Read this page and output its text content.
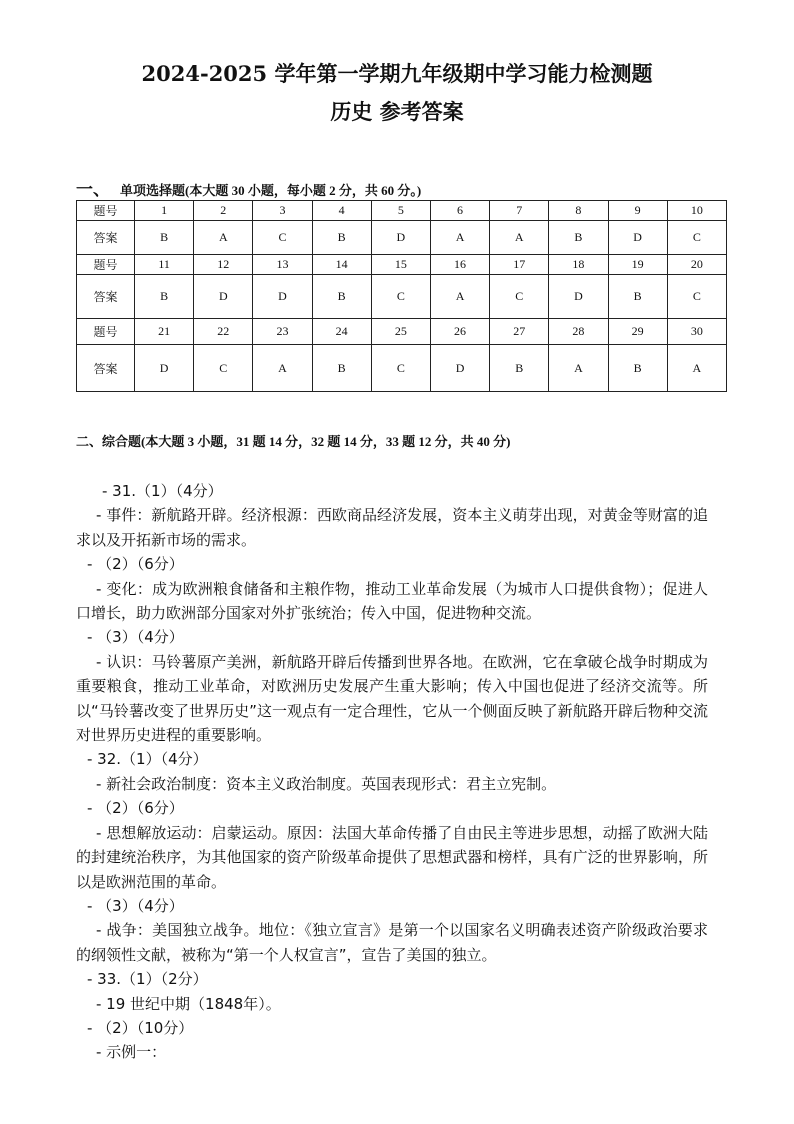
2024-2025 学年第一学期九年级期中学习能力检测题
历史 参考答案
一、 单项选择题(本大题 30 小题，每小题 2 分，共 60 分。)
题号	1	2	3	4	5	6	7	8	9	10
答案	B	A	C	B	D	A	A	B	D	C
题号	11	12	13	14	15	16	17	18	19	20
答案	B	D	D	B	C	A	C	D	B	C
题号	21	22	23	24	25	26	27	28	29	30
答案	D	C	A	B	C	D	B	A	B	A
二、综合题(本大题 3 小题，31 题 14 分，32 题 14 分，33 题 12 分，共 40 分)

- 31.（1）（4分）

- 事件：新航路开辟。经济根源：西欧商品经济发展，资本主义萌芽出现，对黄金等财富的追求以及开拓新市场的需求。

- （2）（6分）

- 变化：成为欧洲粮食储备和主粮作物，推动工业革命发展（为城市人口提供食物）；促进人口增长，助力欧洲部分国家对外扩张统治；传入中国，促进物种交流。

- （3）（4分）

- 认识：马铃薯原产美洲，新航路开辟后传播到世界各地。在欧洲，它在拿破仑战争时期成为重要粮食，推动工业革命，对欧洲历史发展产生重大影响；传入中国也促进了经济交流等。所以“马铃薯改变了世界历史”这一观点有一定合理性，它从一个侧面反映了新航路开辟后物种交流对世界历史进程的重要影响。

- 32.（1）（4分）

- 新社会政治制度：资本主义政治制度。英国表现形式：君主立宪制。

- （2）（6分）

- 思想解放运动：启蒙运动。原因：法国大革命传播了自由民主等进步思想，动摇了欧洲大陆的封建统治秩序，为其他国家的资产阶级革命提供了思想武器和榜样，具有广泛的世界影响，所以是欧洲范围的革命。

- （3）（4分）

- 战争：美国独立战争。地位：《独立宣言》是第一个以国家名义明确表述资产阶级政治要求的纲领性文献，被称为“第一个人权宣言”，宣告了美国的独立。

- 33.（1）（2分）

- 19 世纪中期（1848年）。

- （2）（10分）

- 示例一：
